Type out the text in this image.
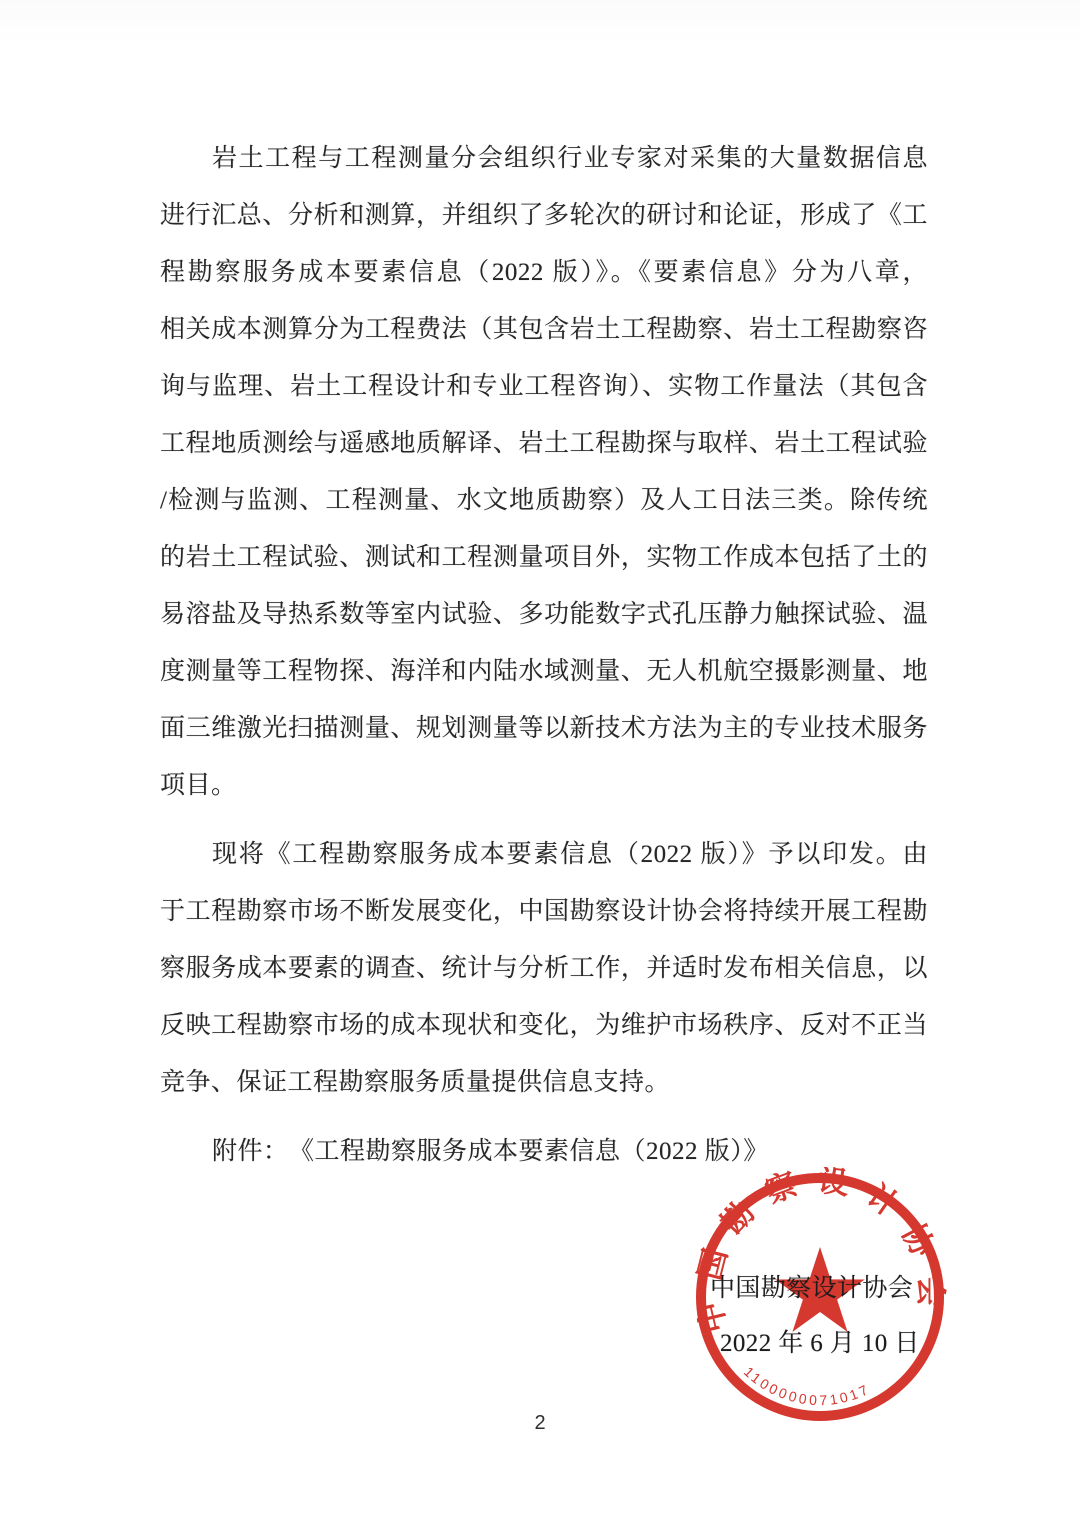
岩土工程与工程测量分会组织行业专家对采集的大量数据信息
进行汇总、分析和测算，并组织了多轮次的研讨和论证，形成了《工
程勘察服务成本要素信息（2022 版）》。《要素信息》分为八章，
相关成本测算分为工程费法（其包含岩土工程勘察、岩土工程勘察咨
询与监理、岩土工程设计和专业工程咨询）、实物工作量法（其包含
工程地质测绘与遥感地质解译、岩土工程勘探与取样、岩土工程试验
/检测与监测、工程测量、水文地质勘察）及人工日法三类。除传统
的岩土工程试验、测试和工程测量项目外，实物工作成本包括了土的
易溶盐及导热系数等室内试验、多功能数字式孔压静力触探试验、温
度测量等工程物探、海洋和内陆水域测量、无人机航空摄影测量、地
面三维激光扫描测量、规划测量等以新技术方法为主的专业技术服务
项目。
现将《工程勘察服务成本要素信息（2022 版）》予以印发。由
于工程勘察市场不断发展变化，中国勘察设计协会将持续开展工程勘
察服务成本要素的调查、统计与分析工作，并适时发布相关信息，以
反映工程勘察市场的成本现状和变化，为维护市场秩序、反对不正当
竞争、保证工程勘察服务质量提供信息支持。
附件：　《工程勘察服务成本要素信息（2022 版）》
中国勘察设计协会
1100000071017
中国勘察设计协会
2022 年 6 月 10 日
2
